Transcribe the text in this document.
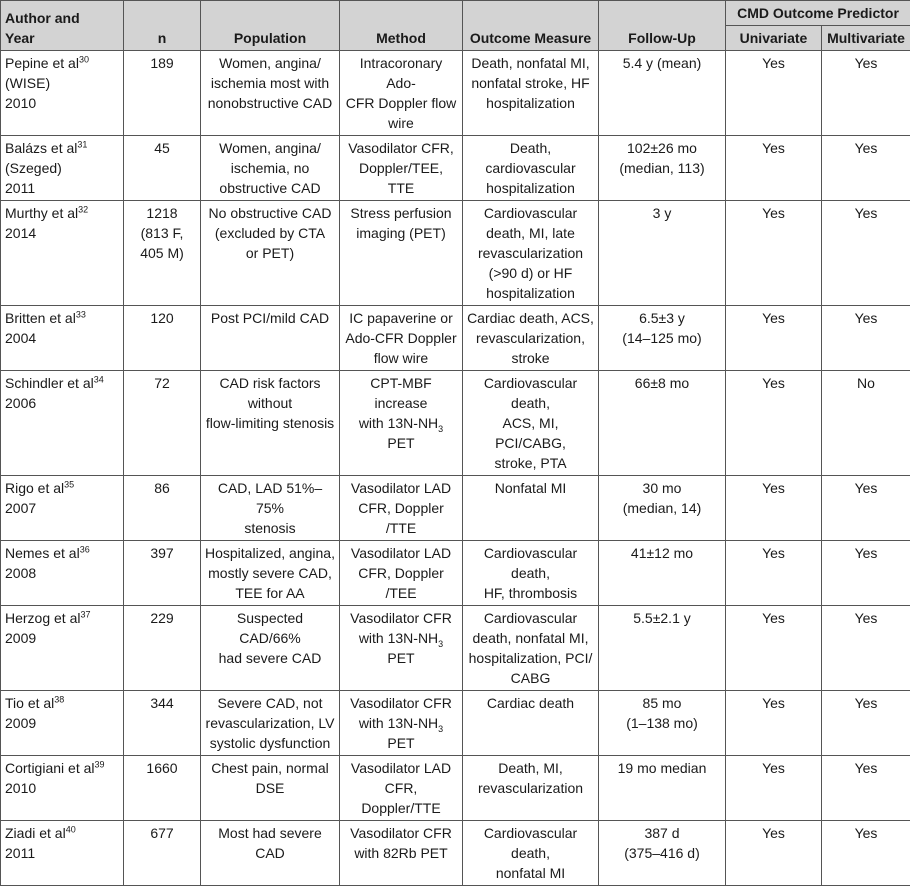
Author and
Year	n	Population	Method	Outcome Measure	Follow-Up	CMD Outcome Predictor	
						Univariate	Multivariate

Pepine et $al^{30}$
(WISE)
2010	189	Women, angina/
ischemia most with
nonobstructive CAD	Intracoronary Ado-
CFR Doppler flow
wire	Death, nonfatal MI,
nonfatal stroke, HF
hospitalization	5.4 y (mean)	Yes	Yes

Balázs et $al^{31}$
(Szeged)
2011	45	Women, angina/
ischemia, no
obstructive CAD	Vasodilator CFR,
Doppler/TEE, TTE	Death, cardiovascular
hospitalization	102±26 mo
(median, 113)	Yes	Yes

Murthy et $al^{32}$
2014	1218
(813 F,
405 M)	No obstructive CAD
(excluded by CTA
or PET)	Stress perfusion
imaging (PET)	Cardiovascular
death, MI, late
revascularization
(>90 d) or HF
hospitalization	3 y	Yes	Yes

Britten et $al^{33}$
2004	120	Post PCI/mild CAD	IC papaverine or
Ado-CFR Doppler
flow wire	Cardiac death, ACS,
revascularization,
stroke	6.5±3 y
(14–125 mo)	Yes	Yes

Schindler et $al^{34}$
2006	72	CAD risk factors
without
flow-limiting stenosis	CPT-MBF increase
with $13N-NH_3$ PET	Cardiovascular death,
ACS, MI, PCI/CABG,
stroke, PTA	66±8 mo	Yes	No

Rigo et $al^{35}$
2007	86	CAD, LAD 51%–75%
stenosis	Vasodilator LAD
CFR, Doppler /TTE	Nonfatal MI	30 mo
(median, 14)	Yes	Yes

Nemes et $al^{36}$
2008	397	Hospitalized, angina,
mostly severe CAD,
TEE for AA	Vasodilator LAD
CFR, Doppler /TEE	Cardiovascular death,
HF, thrombosis	41±12 mo	Yes	Yes

Herzog et $al^{37}$
2009	229	Suspected CAD/66%
had severe CAD	Vasodilator CFR
with $13N-NH_3$ PET	Cardiovascular
death, nonfatal MI,
hospitalization, PCI/
CABG	5.5±2.1 y	Yes	Yes

Tio et $al^{38}$
2009	344	Severe CAD, not
revascularization, LV
systolic dysfunction	Vasodilator CFR
with $13N-NH_3$ PET	Cardiac death	85 mo
(1–138 mo)	Yes	Yes

Cortigiani et $al^{39}$
2010	1660	Chest pain, normal
DSE	Vasodilator LAD
CFR, Doppler/TTE	Death, MI,
revascularization	19 mo median	Yes	Yes

Ziadi et $al^{40}$
2011	677	Most had severe
CAD	Vasodilator CFR
with 82Rb PET	Cardiovascular death,
nonfatal MI	387 d
(375–416 d)	Yes	Yes
